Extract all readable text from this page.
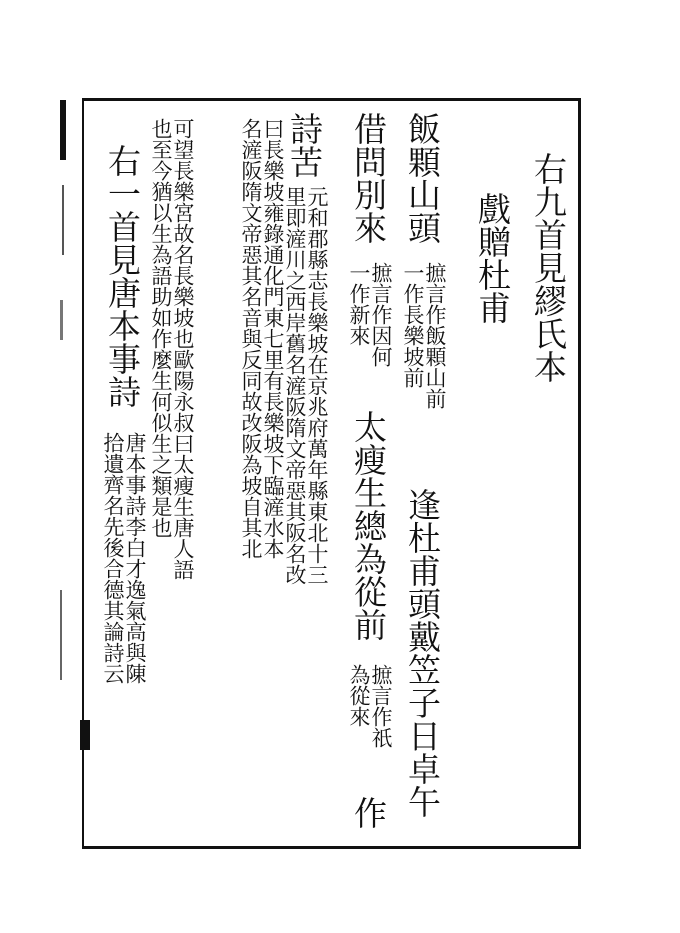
右九首見繆氏本
戲贈杜甫
飯顆山頭
摭言作飯顆山前
一作長樂坡前
逢杜甫頭戴笠子日卓午
借問別來
摭言作因何
一作新來
太瘦生總為從前
摭言作祇
為從來
作
詩苦
元和郡縣志長樂坡在京兆府萬年縣東北十三
里即滻川之西岸舊名滻阪隋文帝惡其阪名改
曰長樂坡雍錄通化門東七里有長樂坡下臨滻水本
名滻阪隋文帝惡其名音與反同故改阪為坡自其北
可望長樂宮故名長樂坡也歐陽永叔曰太瘦生唐人語
也至今猶以生為語助如作麼生何似生之類是也
右一首見唐本事詩
唐本事詩李白才逸氣高與陳
拾遺齊名先後合德其論詩云
